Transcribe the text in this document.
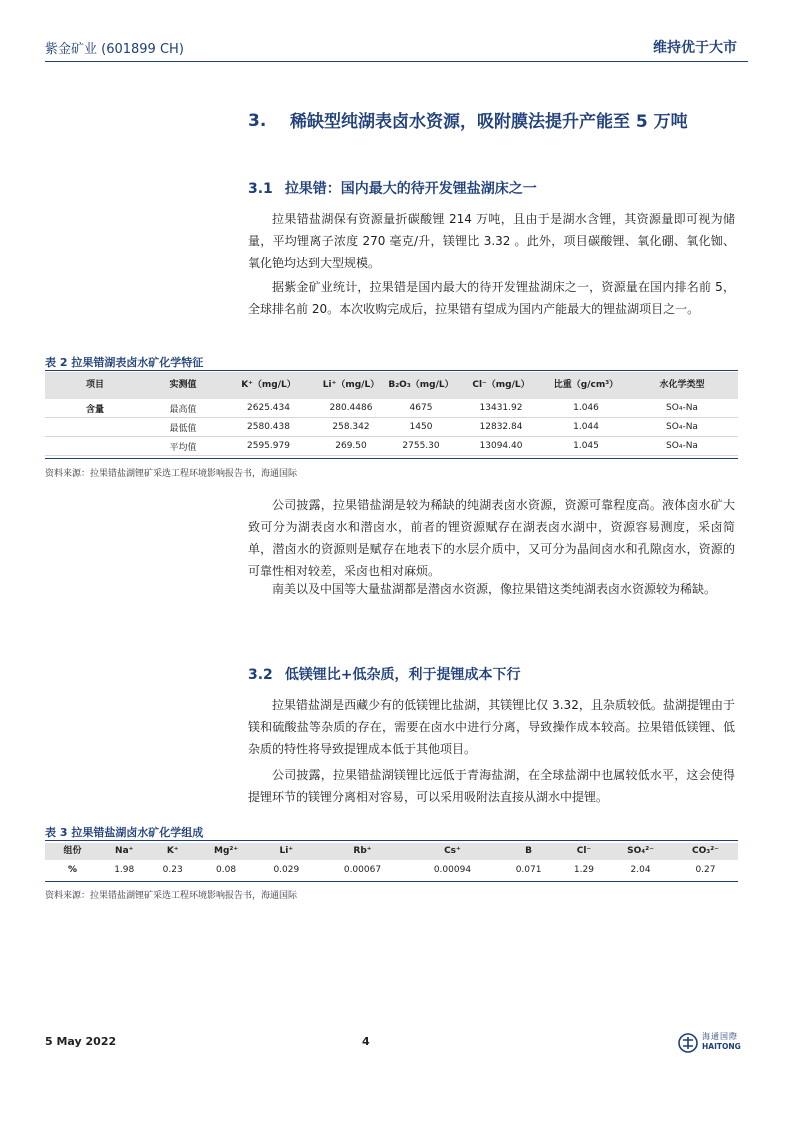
紫金矿业 (601899 CH)	维持优于大市
3. 稀缺型纯湖表卤水资源，吸附膜法提升产能至 5 万吨
3.1 拉果错：国内最大的待开发锂盐湖床之一
拉果错盐湖保有资源量折碳酸锂 214 万吨，且由于是湖水含锂，其资源量即可视为储量，平均锂离子浓度 270 毫克/升，镁锂比 3.32 。此外，项目碳酸锂、氧化硼、氧化铷、氧化铯均达到大型规模。
据紫金矿业统计，拉果错是国内最大的待开发锂盐湖床之一，资源量在国内排名前 5，全球排名前 20。本次收购完成后，拉果错有望成为国内产能最大的锂盐湖项目之一。
表 2 拉果错湖表卤水矿化学特征
项目	实测值	K⁺（mg/L）	Li⁺（mg/L）	B₂O₃（mg/L）	Cl⁻（mg/L）	比重（g/cm³）	水化学类型
含量	最高值	2625.434	280.4486	4675	13431.92	1.046	SO₄-Na
	最低值	2580.438	258.342	1450	12832.84	1.044	SO₄-Na
	平均值	2595.979	269.50	2755.30	13094.40	1.045	SO₄-Na
资料来源：拉果错盐湖锂矿采选工程环境影响报告书，海通国际
公司披露，拉果错盐湖是较为稀缺的纯湖表卤水资源，资源可靠程度高。液体卤水矿大致可分为湖表卤水和潜卤水，前者的锂资源赋存在湖表卤水湖中，资源容易测度，采卤简单，潜卤水的资源则是赋存在地表下的水层介质中，又可分为晶间卤水和孔隙卤水，资源的可靠性相对较差，采卤也相对麻烦。
南美以及中国等大量盐湖都是潜卤水资源，像拉果错这类纯湖表卤水资源较为稀缺。
3.2 低镁锂比+低杂质，利于提锂成本下行
拉果错盐湖是西藏少有的低镁锂比盐湖，其镁锂比仅 3.32，且杂质较低。盐湖提锂由于镁和硫酸盐等杂质的存在，需要在卤水中进行分离，导致操作成本较高。拉果错低镁锂、低杂质的特性将导致提锂成本低于其他项目。
公司披露，拉果错盐湖镁锂比远低于青海盐湖，在全球盐湖中也属较低水平，这会使得提锂环节的镁锂分离相对容易，可以采用吸附法直接从湖水中提锂。
表 3 拉果错盐湖卤水矿化学组成
组份	Na⁺	K⁺	Mg²⁺	Li⁺	Rb⁺	Cs⁺	B	Cl⁻	SO₄²⁻	CO₃²⁻
%	1.98	0.23	0.08	0.029	0.00067	0.00094	0.071	1.29	2.04	0.27
资料来源：拉果错盐湖锂矿采选工程环境影响报告书，海通国际
5 May 2022	4	海通国際
HAITONG
